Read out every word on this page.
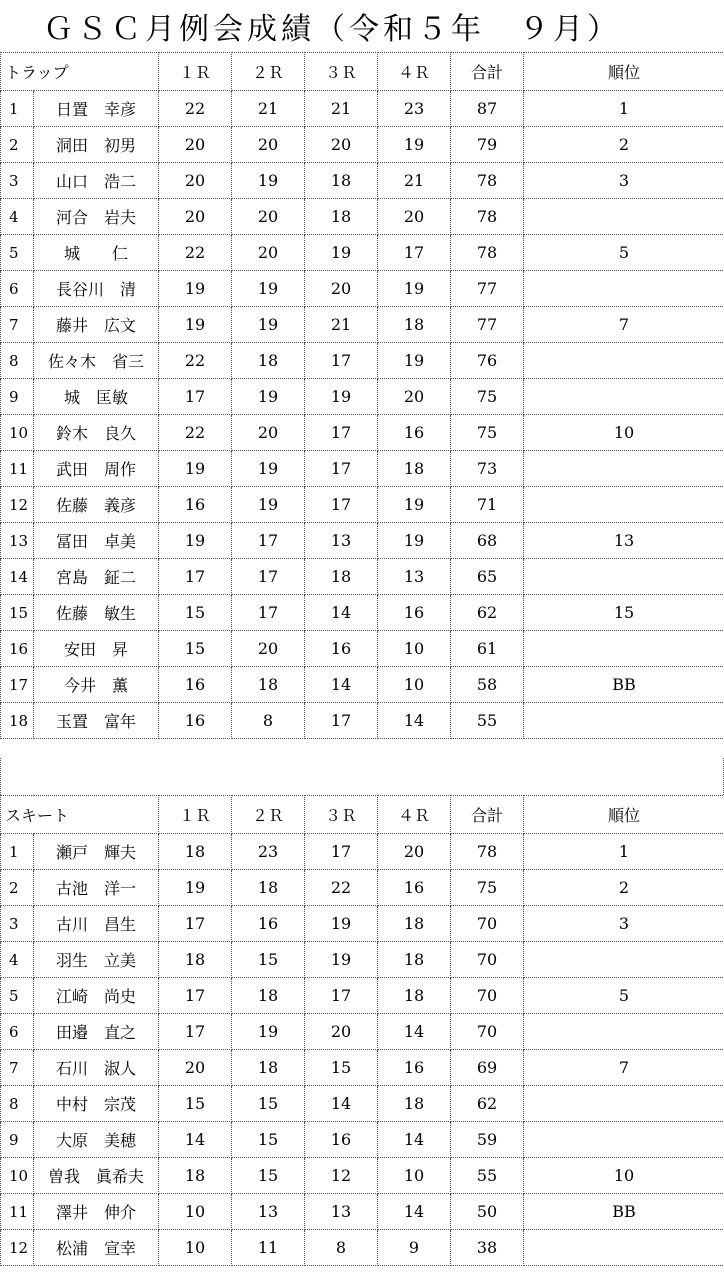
ＧＳＣ月例会成績（令和５年　９月）
トラップ		１Ｒ	２Ｒ	３Ｒ	４Ｒ	合計	順位
1	日置　幸彦	22	21	21	23	87	1
2	洞田　初男	20	20	20	19	79	2
3	山口　浩二	20	19	18	21	78	3
4	河合　岩夫	20	20	18	20	78	
5	城　　仁	22	20	19	17	78	5
6	長谷川　清	19	19	20	19	77	
7	藤井　広文	19	19	21	18	77	7
8	佐々木　省三	22	18	17	19	76	
9	城　匡敏	17	19	19	20	75	
10	鈴木　良久	22	20	17	16	75	10
11	武田　周作	19	19	17	18	73	
12	佐藤　義彦	16	19	17	19	71	
13	冨田　卓美	19	17	13	19	68	13
14	宮島　鉦二	17	17	18	13	65	
15	佐藤　敏生	15	17	14	16	62	15
16	安田　昇	15	20	16	10	61	
17	今井　薫	16	18	14	10	58	BB
18	玉置　富年	16	8	17	14	55	
スキート		１Ｒ	２Ｒ	３Ｒ	４Ｒ	合計	順位
1	瀬戸　輝夫	18	23	17	20	78	1
2	古池　洋一	19	18	22	16	75	2
3	古川　昌生	17	16	19	18	70	3
4	羽生　立美	18	15	19	18	70	
5	江崎　尚史	17	18	17	18	70	5
6	田邉　直之	17	19	20	14	70	
7	石川　淑人	20	18	15	16	69	7
8	中村　宗茂	15	15	14	18	62	
9	大原　美穂	14	15	16	14	59	
10	曽我　眞希夫	18	15	12	10	55	10
11	澤井　伸介	10	13	13	14	50	BB
12	松浦　宣幸	10	11	8	9	38	
